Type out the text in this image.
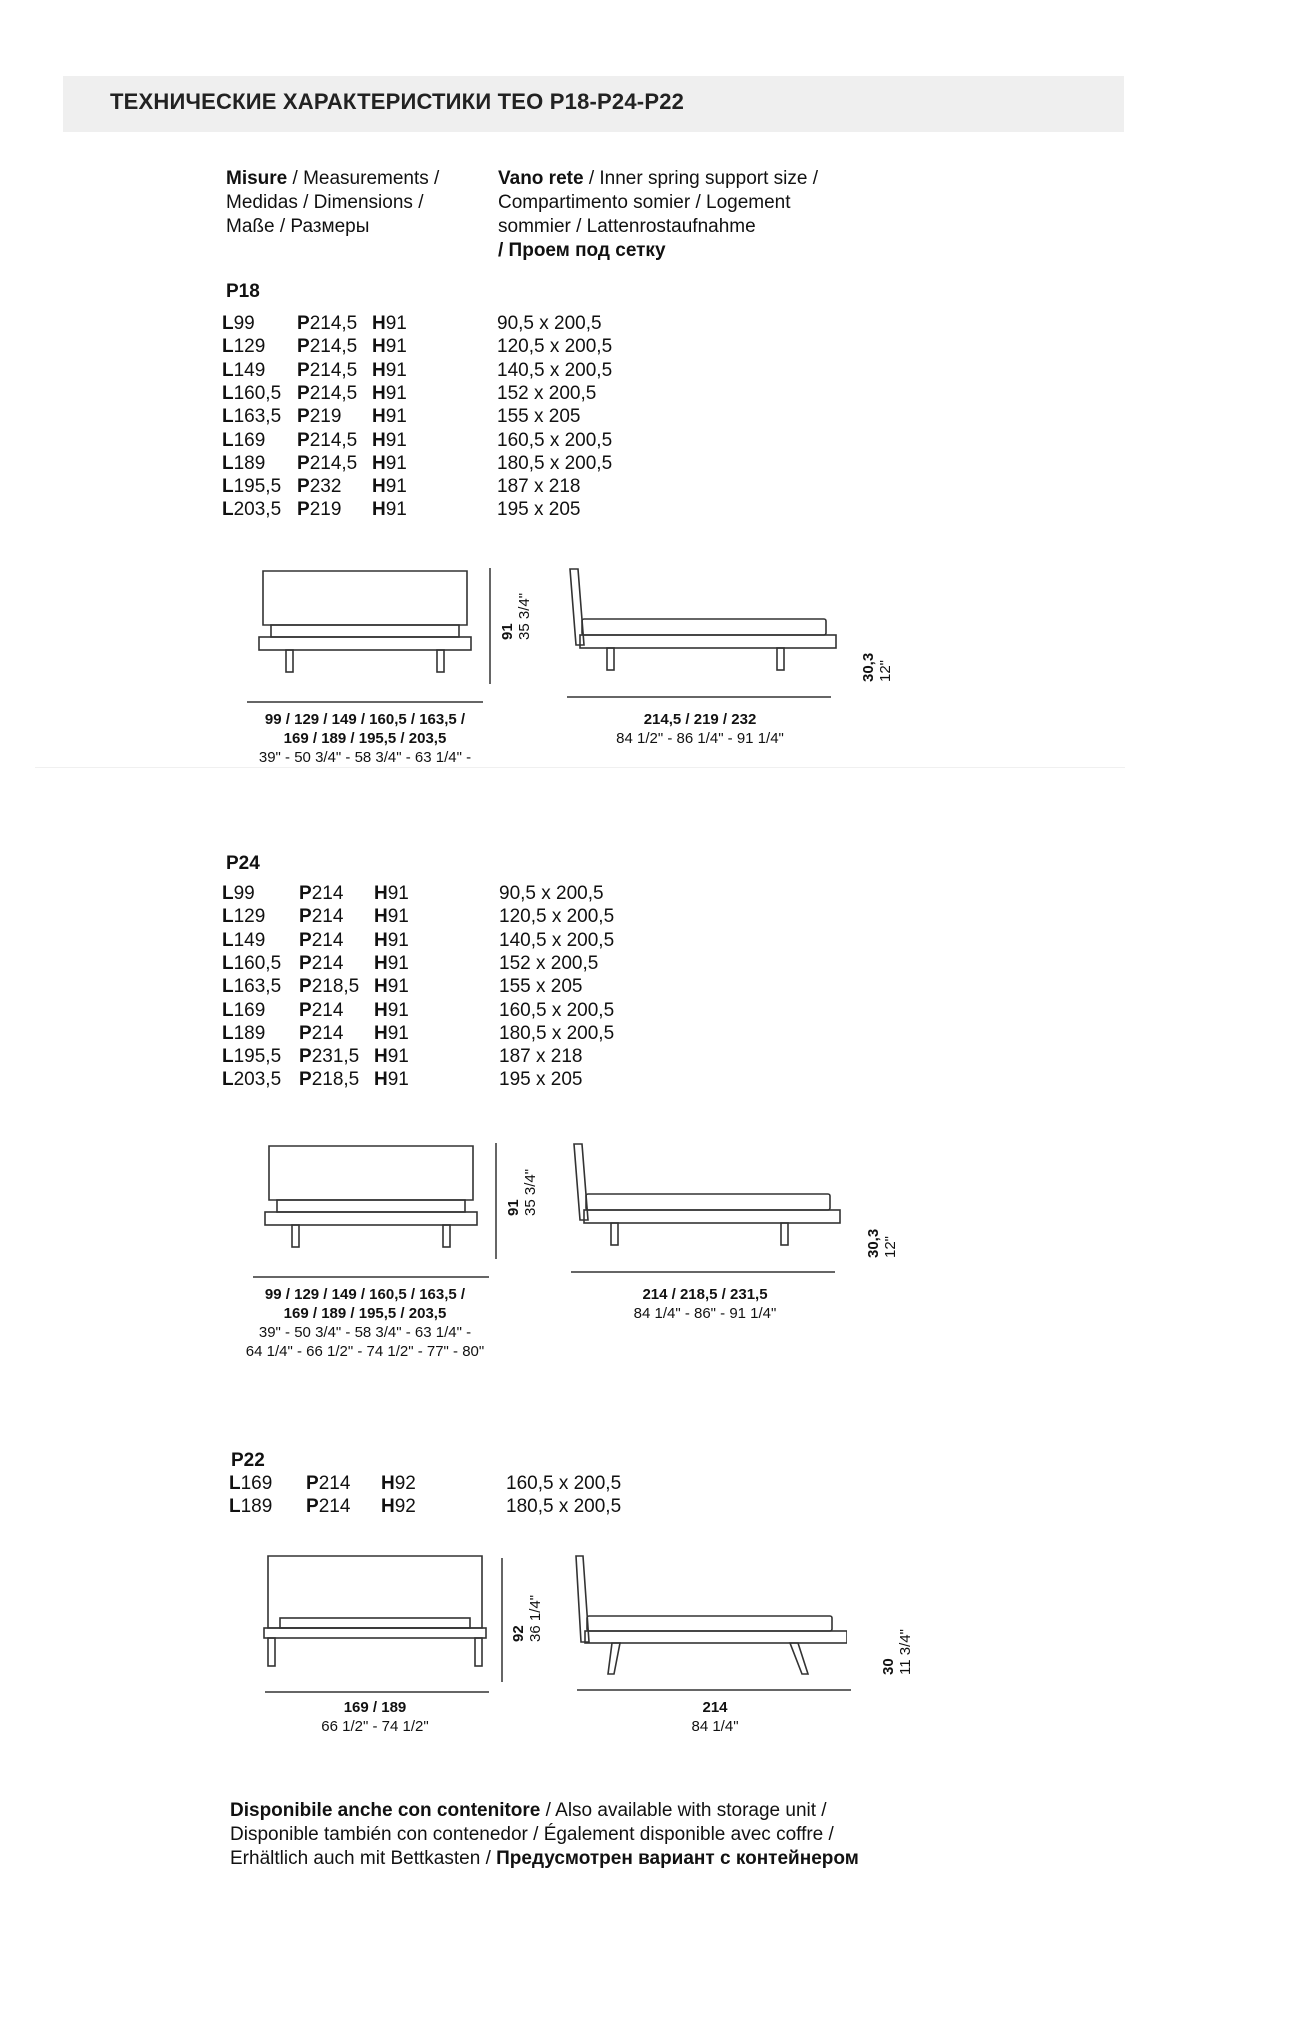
ТЕХНИЧЕСКИЕ ХАРАКТЕРИСТИКИ TEO P18-P24-P22
Misure / Measurements /
Medidas / Dimensions /
Maße / Размеры
Vano rete / Inner spring support size /
Compartimento somier / Logement
sommier / Lattenrostaufnahme
/ Проем под сетку
P18
P24
P22
L99 P214,5 H91	90,5 x 200,5
L129 P214,5 H91	120,5 x 200,5
L149 P214,5 H91	140,5 x 200,5
L160,5 P214,5 H91	152 x 200,5
L163,5 P219 H91	155 x 205
L169 P214,5 H91	160,5 x 200,5
L189 P214,5 H91	180,5 x 200,5
L195,5 P232 H91	187 x 218
L203,5 P219 H91	195 x 205
L99 P214 H91	90,5 x 200,5
L129 P214 H91	120,5 x 200,5
L149 P214 H91	140,5 x 200,5
L160,5 P214 H91	152 x 200,5
L163,5 P218,5 H91	155 x 205
L169 P214 H91	160,5 x 200,5
L189 P214 H91	180,5 x 200,5
L195,5 P231,5 H91	187 x 218
L203,5 P218,5 H91	195 x 205
L169 P214 H92	160,5 x 200,5
L189 P214 H92	180,5 x 200,5
91 35 3/4"
30,3 12"
99 / 129 / 149 / 160,5 / 163,5 /
169 / 189 / 195,5 / 203,5
39" - 50 3/4" - 58 3/4" - 63 1/4" -
214,5 / 219 / 232
84 1/2" - 86 1/4" - 91 1/4"
91 35 3/4"
30,3 12"
99 / 129 / 149 / 160,5 / 163,5 /
169 / 189 / 195,5 / 203,5
39" - 50 3/4" - 58 3/4" - 63 1/4" -
64 1/4" - 66 1/2" - 74 1/2" - 77" - 80"
214 / 218,5 / 231,5
84 1/4" - 86" - 91 1/4"
92 36 1/4"
30 11 3/4"
169 / 189
66 1/2" - 74 1/2"
214
84 1/4"
Disponibile anche con contenitore / Also available with storage unit /
Disponible también con contenedor / Également disponible avec coffre /
Erhältlich auch mit Bettkasten / Предусмотрен вариант с контейнером
